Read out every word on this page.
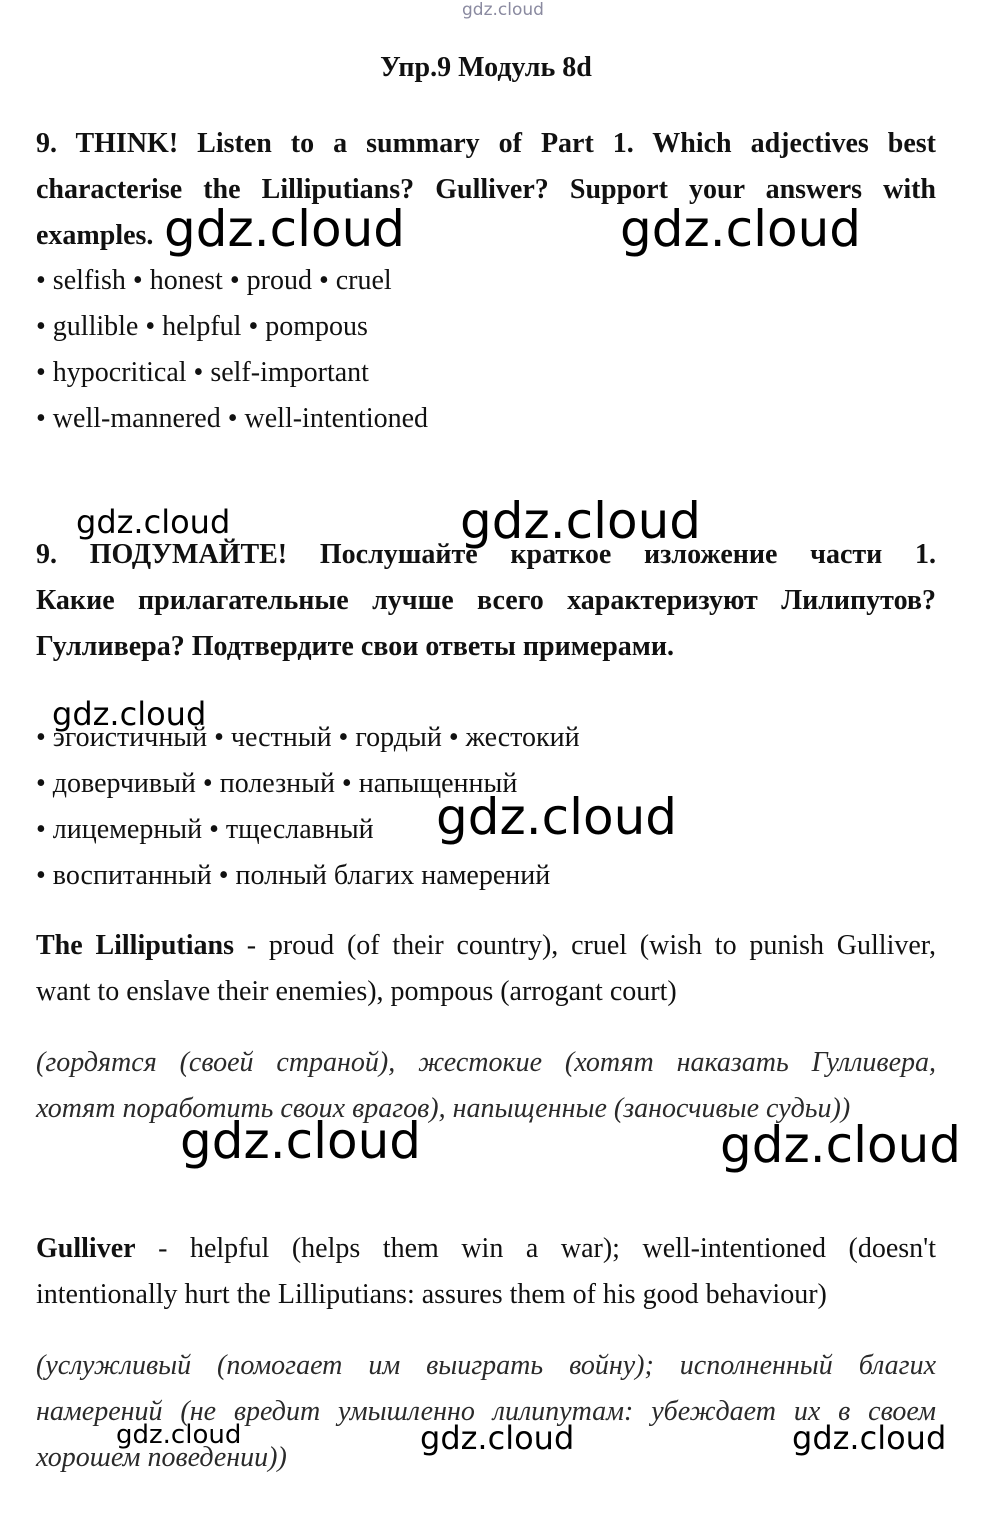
gdz.cloud
Упр.9 Модуль 8d
9. THINK! Listen to a summary of Part 1. Which adjectives best
characterise the Lilliputians? Gulliver? Support your answers with
examples.
• selfish • honest • proud • cruel
• gullible • helpful • pompous
• hypocritical • self-important
• well-mannered • well-intentioned
9. ПОДУМАЙТЕ! Послушайте краткое изложение части 1.
Какие прилагательные лучше всего характеризуют Лилипутов?
Гулливера? Подтвердите свои ответы примерами.
• эгоистичный • честный • гордый • жестокий
• доверчивый • полезный • напыщенный
• лицемерный • тщеславный
• воспитанный • полный благих намерений
The Lilliputians - proud (of their country), cruel (wish to punish Gulliver,
want to enslave their enemies), pompous (arrogant court)
(гордятся (своей страной), жестокие (хотят наказать Гулливера,
хотят поработить своих врагов), напыщенные (заносчивые судьи))
Gulliver - helpful (helps them win a war); well-intentioned (doesn't
intentionally hurt the Lilliputians: assures them of his good behaviour)
(услужливый (помогает им выиграть войну); исполненный благих
намерений (не вредит умышленно лилипутам: убеждает их в своем
хорошем поведении))
gdz.cloud	gdz.cloud
gdz.cloud	gdz.cloud
gdz.cloud
gdz.cloud
gdz.cloud	gdz.cloud
gdz.cloud	gdz.cloud	gdz.cloud
